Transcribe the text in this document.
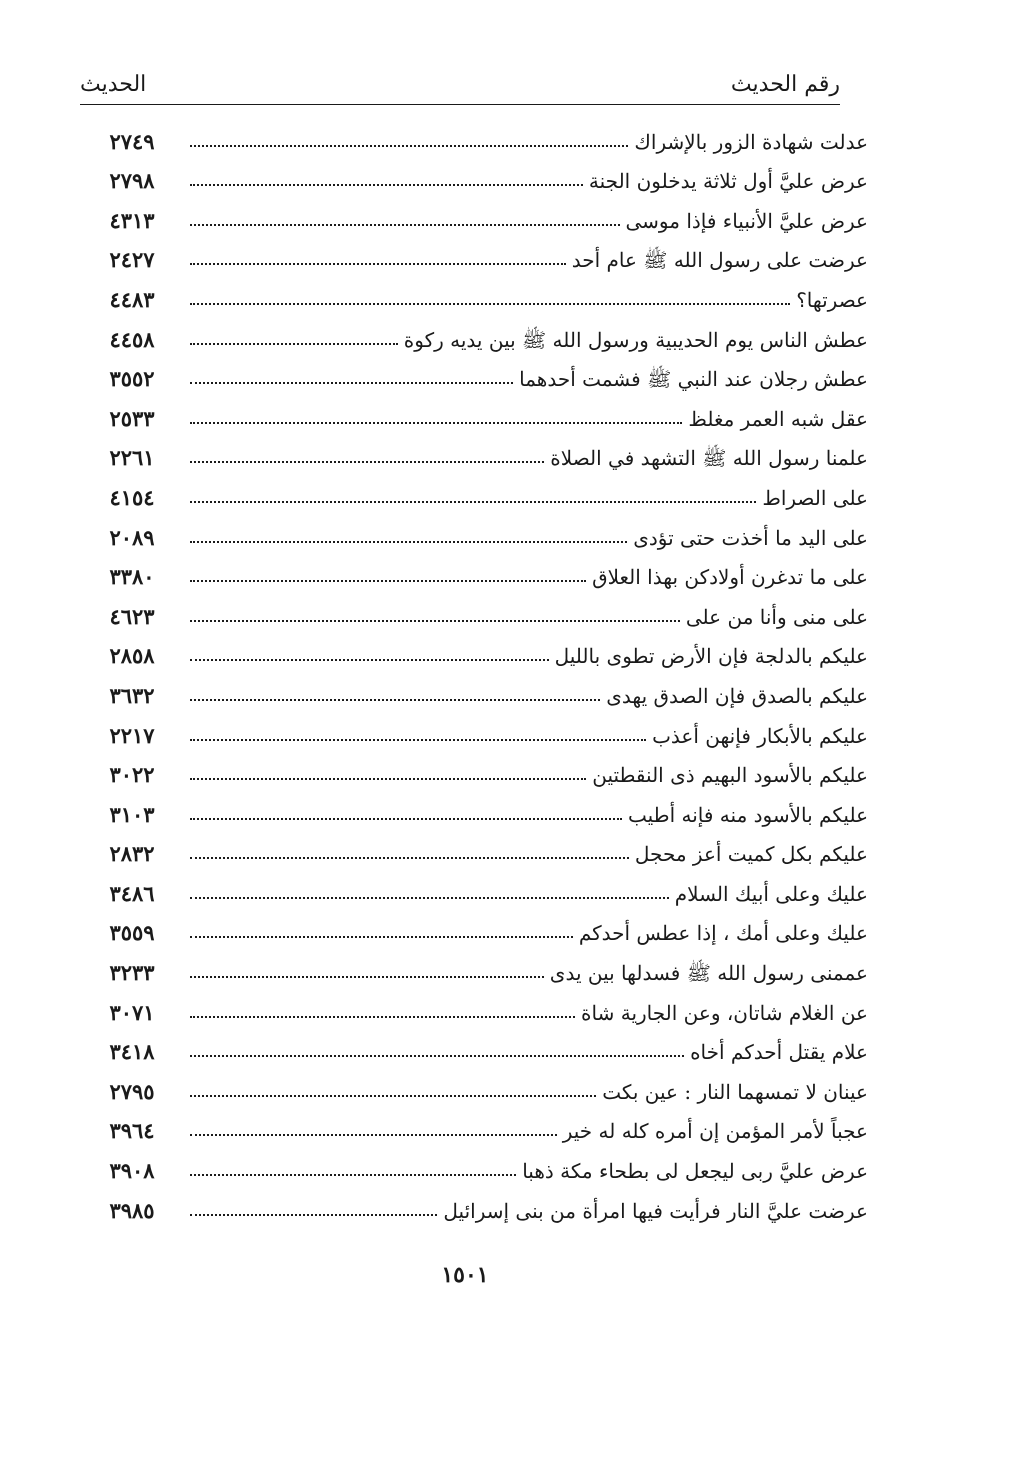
الحديث	رقم الحديث
٢٧٤٩	عدلت شهادة الزور بالإشراك
٢٧٩٨	عرض عليَّ أول ثلاثة يدخلون الجنة
٤٣١٣	عرض عليَّ الأنبياء فإذا موسى
٢٤٢٧	عرضت على رسول الله ﷺ عام أحد
٤٤٨٣	عصرتها؟
٤٤٥٨	عطش الناس يوم الحديبية ورسول الله ﷺ بين يديه ركوة
٣٥٥٢	عطش رجلان عند النبي ﷺ فشمت أحدهما
٢٥٣٣	عقل شبه العمر مغلظ
٢٢٦١	علمنا رسول الله ﷺ التشهد في الصلاة
٤١٥٤	على الصراط
٢٠٨٩	على اليد ما أخذت حتى تؤدى
٣٣٨٠	على ما تدغرن أولادكن بهذا العلاق
٤٦٢٣	على منى وأنا من على
٢٨٥٨	عليكم بالدلجة فإن الأرض تطوى بالليل
٣٦٣٢	عليكم بالصدق فإن الصدق يهدى
٢٢١٧	عليكم بالأبكار فإنهن أعذب
٣٠٢٢	عليكم بالأسود البهيم ذى النقطتين
٣١٠٣	عليكم بالأسود منه فإنه أطيب
٢٨٣٢	عليكم بكل كميت أعز محجل
٣٤٨٦	عليك وعلى أبيك السلام
٣٥٥٩	عليك وعلى أمك ، إذا عطس أحدكم
٣٢٣٣	عممنى رسول الله ﷺ فسدلها بين يدى
٣٠٧١	عن الغلام شاتان، وعن الجارية شاة
٣٤١٨	علام يقتل أحدكم أخاه
٢٧٩٥	عينان لا تمسهما النار : عين بكت
٣٩٦٤	عجباً لأمر المؤمن إن أمره كله له خير
٣٩٠٨	عرض عليَّ ربى ليجعل لى بطحاء مكة ذهبا
٣٩٨٥	عرضت عليَّ النار فرأيت فيها امرأة من بنى إسرائيل
١٥٠١
